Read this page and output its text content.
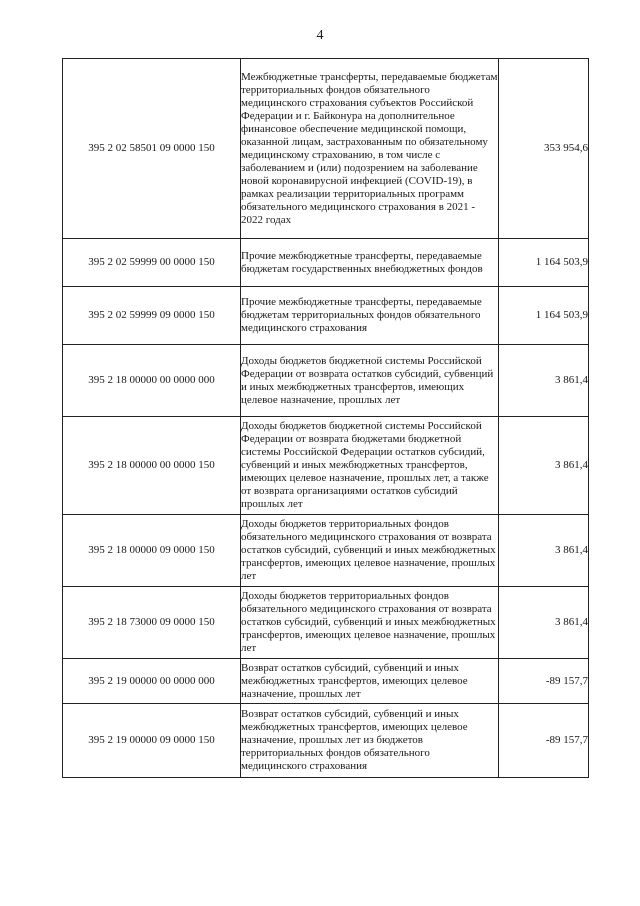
4
395 2 02 58501 09 0000 150	Межбюджетные трансферты, передаваемые бюджетам территориальных фондов обязательного медицинского страхования субъектов Российской Федерации и г. Байконура на дополнительное финансовое обеспечение медицинской помощи, оказанной лицам, застрахованным по обязательному медицинскому страхованию, в том числе с заболеванием и (или) подозрением на заболевание новой коронавирусной инфекцией (COVID-19), в рамках реализации территориальных программ обязательного медицинского страхования в 2021 - 2022 годах	353 954,6
395 2 02 59999 00 0000 150	Прочие межбюджетные трансферты, передаваемые бюджетам государственных внебюджетных фондов	1 164 503,9
395 2 02 59999 09 0000 150	Прочие межбюджетные трансферты, передаваемые бюджетам территориальных фондов обязательного медицинского страхования	1 164 503,9
395 2 18 00000 00 0000 000	Доходы бюджетов бюджетной системы Российской Федерации от возврата остатков субсидий, субвенций и иных межбюджетных трансфертов, имеющих целевое назначение, прошлых лет	3 861,4
395 2 18 00000 00 0000 150	Доходы бюджетов бюджетной системы Российской Федерации от возврата бюджетами бюджетной системы Российской Федерации остатков субсидий, субвенций и иных межбюджетных трансфертов, имеющих целевое назначение, прошлых лет, а также от возврата организациями остатков субсидий прошлых лет	3 861,4
395 2 18 00000 09 0000 150	Доходы бюджетов территориальных фондов обязательного медицинского страхования от возврата остатков субсидий, субвенций и иных межбюджетных трансфертов, имеющих целевое назначение, прошлых лет	3 861,4
395 2 18 73000 09 0000 150	Доходы бюджетов территориальных фондов обязательного медицинского страхования от возврата остатков субсидий, субвенций и иных межбюджетных трансфертов, имеющих целевое назначение, прошлых лет	3 861,4
395 2 19 00000 00 0000 000	Возврат остатков субсидий, субвенций и иных межбюджетных трансфертов, имеющих целевое назначение, прошлых лет	-89 157,7
395 2 19 00000 09 0000 150	Возврат остатков субсидий, субвенций и иных межбюджетных трансфертов, имеющих целевое назначение, прошлых лет из бюджетов территориальных фондов обязательного медицинского страхования	-89 157,7
